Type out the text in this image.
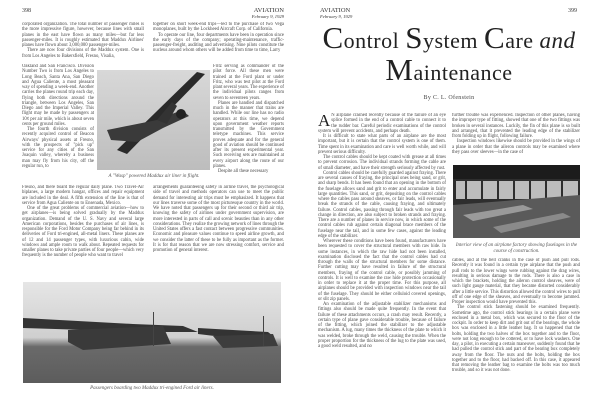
398	AVIATION
February 9, 1929

corporated organization. The total number of passenger miles is the more impressive figure, however, because lines with small planes in the east have flown as many miles—but far less passenger-miles. It is roughly estimated that Maddux Airlines' planes have flown about 3,000,000 passenger-miles.

There are now four divisions of the Maddux system. One is from Los Angeles to Bakersfield, Fresno, Visalia,

Oakland and San Francisco. Division Number Two is from Los Angeles to Long Beach, Santa Ana, San Diego and Agua Caliente, a most pleasant way of spending a week-end. Another carries the planes round trip each day, flying both directions around the triangle, between Los Angeles, San Diego and the Imperial Valley. This flight may be made by passengers at 10¢ per air mile, which is about seven cents per ground miles.

The fourth division consists of recently acquired control of Beacon Airways' physical assets at Fresno, with the prospects of "pick up" service for any cities of the San Joaquin valley, whereby a business man may fly from his city, off the regular run, to

Fresno, and there board the regular daily plane. Two Travel-Air biplanes, a large modern hangar, offices and repair equipment are included in the deal. A fifth extension of the line is that of service from Agua Caliente on to Ensenada, Mexico.

One of the great problems of commercial aviation—how to get airplanes—is being solved gradually by the Maddux organization. Demand of the U. S. Navy and several large American corporations, besides the purchases of air lines, is responsible for the Ford Motor Company being far behind in its deliveries of Ford tri-engined, all-metal liners. These planes are of 12 and 14 passenger types, with luxurious cabin, wide windows and ample room to walk about. Repeated requests for smaller planes to take private parties of four people—which very frequently is the number of people who want to travel

together on short week-end trips—led to the purchase of two Vega monoplanes, built by the Lockheed Aircraft Corp. of California.

To operate our line, four departments have been in operation since the early days of the company; operating-maintenance, traffic-passenger-freight, auditing and advertising. Nine pilots constitute the nucleus around whom others will be added from time to time, Larry

Fritz serving as commander of the pilot force. All these men were trained at the Ford plant or under Fritz, who was test pilot at the Ford plant several years. The experience of the individual pilots ranges from seven to seventeen years.

Planes are handled and dispatched much in the manner that trains are handled. While our line has no radio operators at this time, we depend upon government weather reports transmitted by the Government teletype machines. This service proves adequate and for the general good of aviation should be continued after its present experimental year. Such receiving sets are maintained at every airport along the route of our planes.

Despite all these necessary

arrangements guaranteeing safety in airline travel, the psychological side of travel and methods operators can use to meet the public demand for interesting air trips must be emphasized. It happens that our lines traverse some of the most picturesque country in the world. We have noted that passengers up for their second or third air trip, knowing the safety of airlines under government supervision, are more interested in parts of call and scenic beauties than in any other considerations. They realize the growing network of lines through the United States offers a fast contact between progressive communities. Economic and pleasure values continue to speed airline growth, and we consider the latter of these to be fully as important as the former. It is for that reason that we are now stressing comfort, service and promotion of general interest.

A "Wasp" powered Maddux air liner in flight.
Passengers boarding two Maddux tri-engined Ford air liners.
AVIATION
February 9, 1929
399
Control System Care and
Maintenance
By C. L. Ofenstein
A N airplane crashed recently because of the failure of an eye splice formed in the end of a control cable to connect it to the rudder bar. Careful periodic examinations of the control system will prevent accidents, and perhaps death.

It is difficult to state what parts of an airplane are the most important, but it is certain that the control system is one of them. Time spent in its examination and care is well worth while, and will prevent serious difficulty.

The control cables should be kept coated with grease at all times to prevent corrosion. The individual strands forming the cable are of small diameter, and have their strength seriously affected by rust.

Control cables should be carefully guarded against fraying. There are several causes of fraying, the principal ones being sand, or grit, and sharp bends. It has been found that an opening in the bottom of the fuselage allows sand and grit to enter and accumulate in fairly large quantities. This sand, or grit, depositing on the control cables where the cables pass around sheaves, or fair leads, will eventually break the strands of the cable, causing fraying, and ultimately failure. Control cables, passing through fair leads with too great a change in direction, are also subject to broken strands and fraying. There are a number of planes in service now, in which some of the control cables rub against certain diagonal brace members of the fuselage near the tail, and in some few cases, against the leading edge of the stabilizer.

Wherever these conditions have been found, manufacturers have been requested to cover the structural members with raw hide. In some instances, in which the raw hide had not been installed, examination disclosed the fact that the control cables had cut through the walls of the structural members for some distance. Further cutting may have resulted in failure of the structural members, fraying of the control cable, or possibly jamming of controls. It is well to examine the raw hide protection occasionally in order to replace it at the proper time. For this purpose, all airplanes should be provided with inspection windows near the tail of the fuselage. They should be either celluloid covered openings, or slit zip panels.

An examination of the adjustable stabilizer mechanisms and fittings also should be made quite frequently. In the event that failure of these attachments occurs, a crash may result. Recently, a certain type of plane gave considerable trouble, because of failure of the fitting, which joined the stabilizer to the adjustable mechanism. A lug, many times the thickness of the plate to which it was welded, broke through the weld, causing the trouble. When the proper proportion for the thickness of the lug to the plate was used, a good weld resulted, and no

further trouble was experienced. Inspection of other planes, having the improper type of fitting, showed that one of the two fittings was broken in several instances. Luckily, the fin of this plane is so built and arranged, that it prevented the leading edge of the stabilizer from folding up in flight, following failure.

Inspection windows likewise should be provided in the wings of a plane in order that the aileron controls may be examined where they pass over sleeves—in the case of

Interior view of an airplane factory showing fuselages in the course of construction.

cables, and at the bell cranks in the case of push and pull rods. Recently it was found in a certain type airplane that the push and pull rods to the lower wings were rubbing against the drag wires, resulting in serious damage to the rods. There is also a case in which the brackets, holding the aileron control sheaves, were of such light gauge material, that they became distorted considerably after a little service. This distortion allowed the control wires to pull off of one edge of the sheaves, and eventually to become jammed. Proper inspection would have prevented this.

The control stick fastening should be examined frequently. Sometime ago, the control stick bearings in a certain plane were enclosed in a metal box, which was secured to the floor of the cockpit. In order to keep dirt and grit out of the bearings, the whole box was enclosed in a little leather bag. It so happened that the bolts, holding the two halves of the box together and to the floor, were not long enough to be cottered, or to have lock washers. One day, a pilot, in executing a certain maneuver, suddenly found that he had pulled the control stick and part of the bearing box completely away from the floor. The nuts and the bolts, holding the box together and to the floor, had backed off. In this case, it appeared that removing the leather bag to examine the bolts was too much trouble, and so it was not done.
